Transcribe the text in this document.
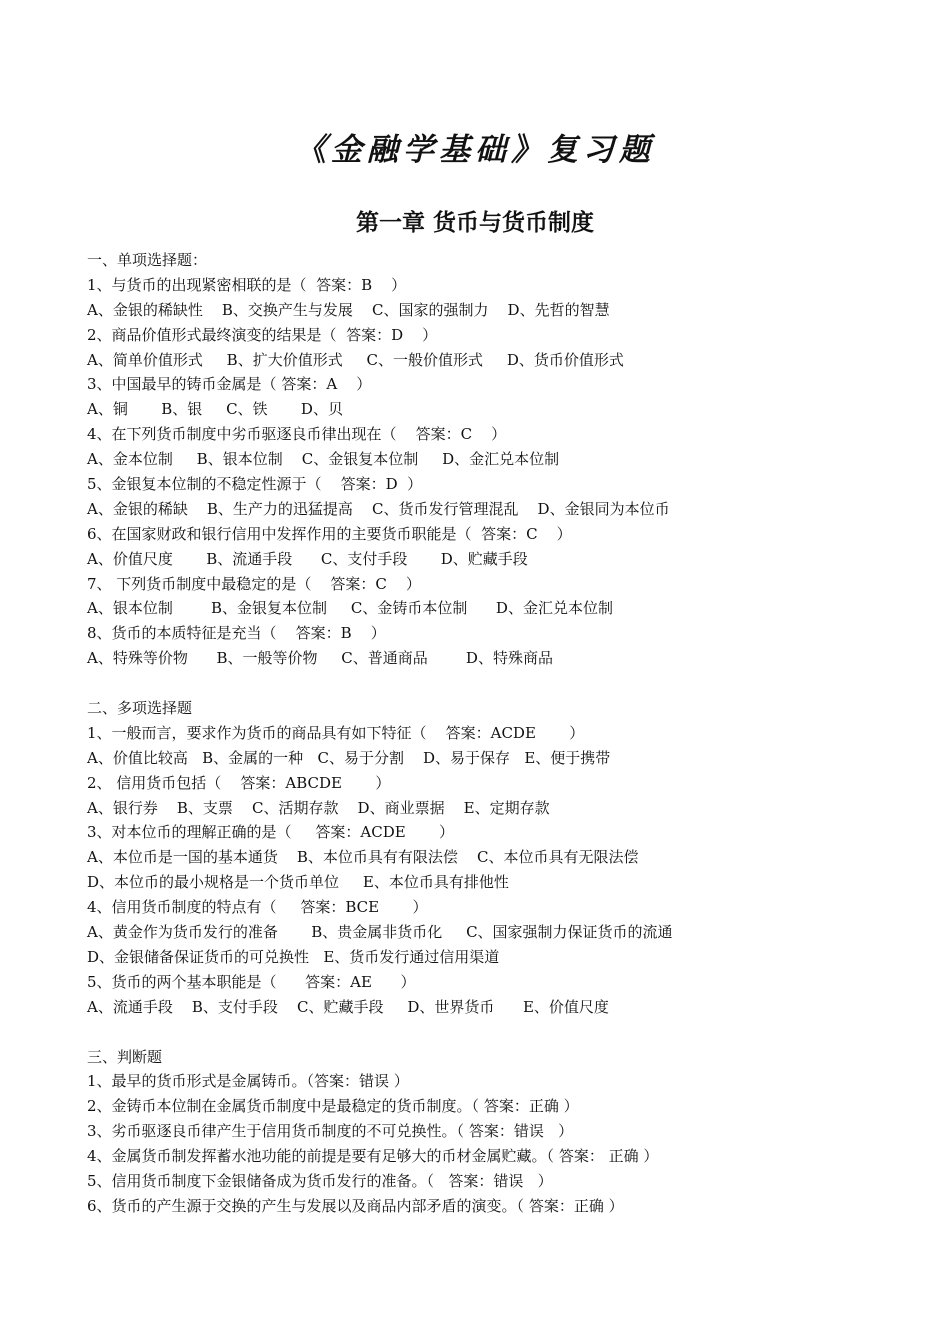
《金融学基础》复习题
第一章 货币与货币制度
一、单项选择题：
1、与货币的出现紧密相联的是（  答案：B    ）
A、金银的稀缺性    B、交换产生与发展    C、国家的强制力    D、先哲的智慧
2、商品价值形式最终演变的结果是（  答案：D    ）
A、简单价值形式     B、扩大价值形式     C、一般价值形式     D、货币价值形式
3、中国最早的铸币金属是（ 答案：A    ）
A、铜       B、银     C、铁       D、贝
4、在下列货币制度中劣币驱逐良币律出现在（    答案：C    ）
A、金本位制     B、银本位制    C、金银复本位制     D、金汇兑本位制
5、金银复本位制的不稳定性源于（    答案：D  ）
A、金银的稀缺    B、生产力的迅猛提高    C、货币发行管理混乱    D、金银同为本位币
6、在国家财政和银行信用中发挥作用的主要货币职能是（  答案：C    ）
A、价值尺度       B、流通手段      C、支付手段       D、贮藏手段
7、 下列货币制度中最稳定的是（    答案：C    ）
A、银本位制        B、金银复本位制     C、金铸币本位制      D、金汇兑本位制
8、货币的本质特征是充当（    答案：B    ）
A、特殊等价物      B、一般等价物     C、普通商品        D、特殊商品
二、多项选择题
1、一般而言，要求作为货币的商品具有如下特征（    答案：ACDE       ）
A、价值比较高   B、金属的一种   C、易于分割    D、易于保存   E、便于携带
2、 信用货币包括（    答案：ABCDE       ）
A、银行券    B、支票    C、活期存款    D、商业票据    E、定期存款
3、对本位币的理解正确的是（     答案：ACDE       ）
A、本位币是一国的基本通货    B、本位币具有有限法偿    C、本位币具有无限法偿
D、本位币的最小规格是一个货币单位     E、本位币具有排他性
4、信用货币制度的特点有（     答案：BCE       ）
A、黄金作为货币发行的准备       B、贵金属非货币化     C、国家强制力保证货币的流通
D、金银储备保证货币的可兑换性   E、货币发行通过信用渠道
5、货币的两个基本职能是（      答案：AE      ）
A、流通手段    B、支付手段    C、贮藏手段     D、世界货币      E、价值尺度
三、判断题
1、最早的货币形式是金属铸币。（答案：错误 ）
2、金铸币本位制在金属货币制度中是最稳定的货币制度。（ 答案：正确 ）
3、劣币驱逐良币律产生于信用货币制度的不可兑换性。（ 答案：错误   ）
4、金属货币制发挥蓄水池功能的前提是要有足够大的币材金属贮藏。（ 答案： 正确 ）
5、信用货币制度下金银储备成为货币发行的准备。（   答案：错误   ）
6、货币的产生源于交换的产生与发展以及商品内部矛盾的演变。（ 答案：正确 ）
